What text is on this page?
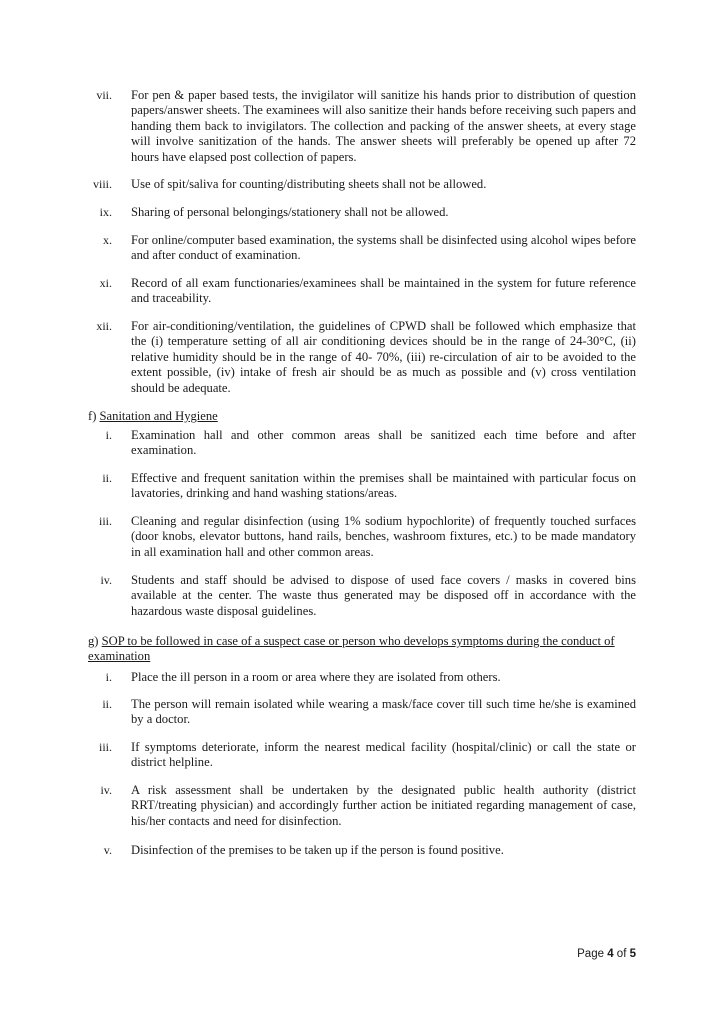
vii. For pen & paper based tests, the invigilator will sanitize his hands prior to distribution of question papers/answer sheets. The examinees will also sanitize their hands before receiving such papers and handing them back to invigilators. The collection and packing of the answer sheets, at every stage will involve sanitization of the hands. The answer sheets will preferably be opened up after 72 hours have elapsed post collection of papers.
viii. Use of spit/saliva for counting/distributing sheets shall not be allowed.
ix. Sharing of personal belongings/stationery shall not be allowed.
x. For online/computer based examination, the systems shall be disinfected using alcohol wipes before and after conduct of examination.
xi. Record of all exam functionaries/examinees shall be maintained in the system for future reference and traceability.
xii. For air-conditioning/ventilation, the guidelines of CPWD shall be followed which emphasize that the (i) temperature setting of all air conditioning devices should be in the range of 24-30°C, (ii) relative humidity should be in the range of 40- 70%, (iii) re-circulation of air to be avoided to the extent possible, (iv) intake of fresh air should be as much as possible and (v) cross ventilation should be adequate.
f) Sanitation and Hygiene
i. Examination hall and other common areas shall be sanitized each time before and after examination.
ii. Effective and frequent sanitation within the premises shall be maintained with particular focus on lavatories, drinking and hand washing stations/areas.
iii. Cleaning and regular disinfection (using 1% sodium hypochlorite) of frequently touched surfaces (door knobs, elevator buttons, hand rails, benches, washroom fixtures, etc.) to be made mandatory in all examination hall and other common areas.
iv. Students and staff should be advised to dispose of used face covers / masks in covered bins available at the center. The waste thus generated may be disposed off in accordance with the hazardous waste disposal guidelines.
g) SOP to be followed in case of a suspect case or person who develops symptoms during the conduct of examination
i. Place the ill person in a room or area where they are isolated from others.
ii. The person will remain isolated while wearing a mask/face cover till such time he/she is examined by a doctor.
iii. If symptoms deteriorate, inform the nearest medical facility (hospital/clinic) or call the state or district helpline.
iv. A risk assessment shall be undertaken by the designated public health authority (district RRT/treating physician) and accordingly further action be initiated regarding management of case, his/her contacts and need for disinfection.
v. Disinfection of the premises to be taken up if the person is found positive.
Page 4 of 5
